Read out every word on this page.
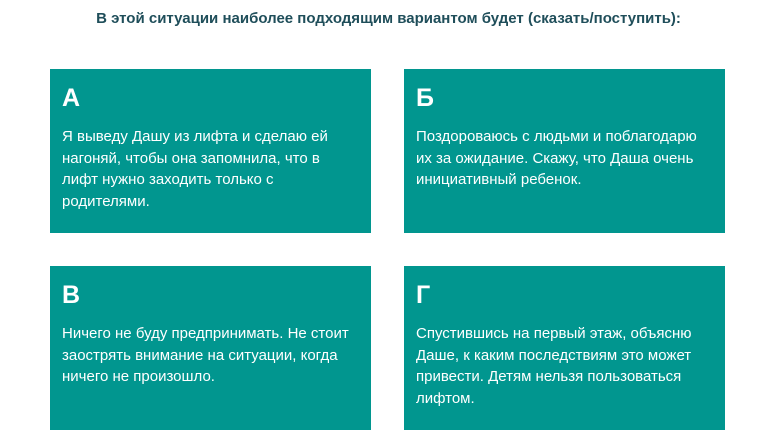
В этой ситуации наиболее подходящим вариантом будет (сказать/поступить):
А
Я выведу Дашу из лифта и сделаю ей нагоняй, чтобы она запомнила, что в лифт нужно заходить только с родителями.
Б
Поздороваюсь с людьми и поблагодарю их за ожидание. Скажу, что Даша очень инициативный ребенок.
В
Ничего не буду предпринимать. Не стоит заострять внимание на ситуации, когда ничего не произошло.
Г
Спустившись на первый этаж, объясню Даше, к каким последствиям это может привести. Детям нельзя пользоваться лифтом.
